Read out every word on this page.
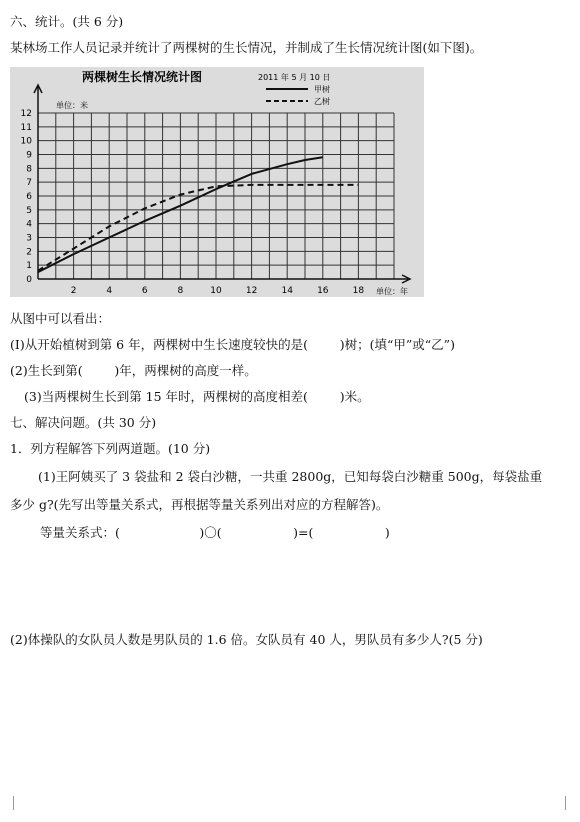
六、统计。(共 6 分)
某林场工作人员记录并统计了两棵树的生长情况，并制成了生长情况统计图(如下图)。
两棵树生长情况统计图	2011 年 5 月 10 日
单位：米
单位：年
甲树
乙树
2	4	6	8	10	12	14	16	18
0
1
2
3
4
5
6
7
8
9
10
11
12
从图中可以看出：
(I)从开始植树到第 6 年，两棵树中生长速度较快的是(        )树；(填“甲”或“乙”)
(2)生长到第(        )年，两棵树的高度一样。
(3)当两棵树生长到第 15 年时，两棵树的高度相差(        )米。
七、解决问题。(共 30 分)
1．列方程解答下列两道题。(10 分)
(1)王阿姨买了 3 袋盐和 2 袋白沙糖，一共重 2800g，已知每袋白沙糖重 500g，每袋盐重
多少 g?(先写出等量关系式，再根据等量关系列出对应的方程解答)。
等量关系式：(                    )〇(                  )=(                  )
(2)体操队的女队员人数是男队员的 1.6 倍。女队员有 40 人，男队员有多少人?(5 分)
